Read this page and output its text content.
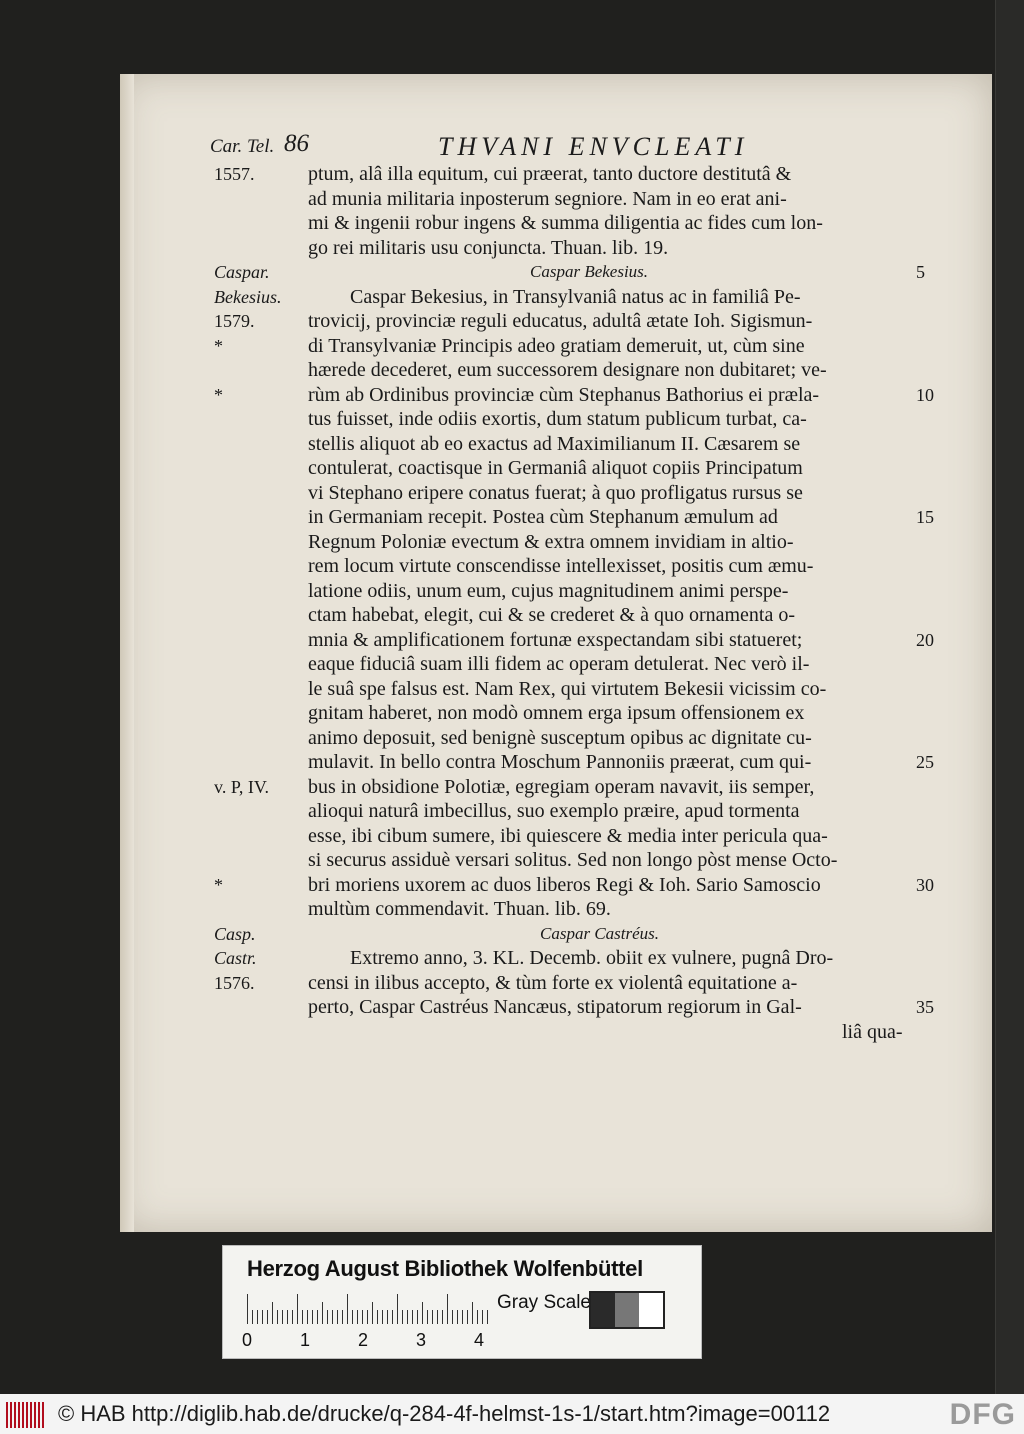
Car. Tel. 86	THVANI ENVCLEATI
1557.	ptum, alâ illa equitum, cui præerat, tanto ductore destitutâ &
ad munia militaria inposterum segniore. Nam in eo erat ani-
mi & ingenii robur ingens & summa diligentia ac fides cum lon-
go rei militaris usu conjuncta. Thuan. lib. 19.
Caspar.	Caspar Bekesius.	5
Bekesius.	Caspar Bekesius, in Transylvaniâ natus ac in familiâ Pe-
1579.	trovicij, provinciæ reguli educatus, adultâ ætate Ioh. Sigismun-
*	di Transylvaniæ Principis adeo gratiam demeruit, ut, cùm sine
hærede decederet, eum successorem designare non dubitaret; ve-
*	rùm ab Ordinibus provinciæ cùm Stephanus Bathorius ei præla-	10
tus fuisset, inde odiis exortis, dum statum publicum turbat, ca-
stellis aliquot ab eo exactus ad Maximilianum II. Cæsarem se
contulerat, coactisque in Germaniâ aliquot copiis Principatum
vi Stephano eripere conatus fuerat; à quo profligatus rursus se
in Germaniam recepit. Postea cùm Stephanum æmulum ad	15
Regnum Poloniæ evectum & extra omnem invidiam in altio-
rem locum virtute conscendisse intellexisset, positis cum æmu-
latione odiis, unum eum, cujus magnitudinem animi perspe-
ctam habebat, elegit, cui & se crederet & à quo ornamenta o-
mnia & amplificationem fortunæ exspectandam sibi statueret;	20
eaque fiduciâ suam illi fidem ac operam detulerat. Nec verò il-
le suâ spe falsus est. Nam Rex, qui virtutem Bekesii vicissim co-
gnitam haberet, non modò omnem erga ipsum offensionem ex
animo deposuit, sed benignè susceptum opibus ac dignitate cu-
mulavit. In bello contra Moschum Pannoniis præerat, cum qui-	25
v. P, IV. bus in obsidione Polotiæ, egregiam operam navavit, iis semper,
alioqui naturâ imbecillus, suo exemplo præire, apud tormenta
esse, ibi cibum sumere, ibi quiescere & media inter pericula qua-
si securus assiduè versari solitus. Sed non longo pòst mense Octo-
*	bri moriens uxorem ac duos liberos Regi & Ioh. Sario Samoscio	30
multùm commendavit. Thuan. lib. 69.
Casp.	Caspar Castréus.
Castr.	Extremo anno, 3. KL. Decemb. obiit ex vulnere, pugnâ Dro-
1576.	censi in ilibus accepto, & tùm forte ex violentâ equitatione a-
perto, Caspar Castréus Nancæus, stipatorum regiorum in Gal-	35
liâ qua-
Herzog August Bibliothek Wolfenbüttel
0	1	2	3	4
Gray Scale
© HAB http://diglib.hab.de/drucke/q-284-4f-helmst-1s-1/start.htm?image=00112	DFG
